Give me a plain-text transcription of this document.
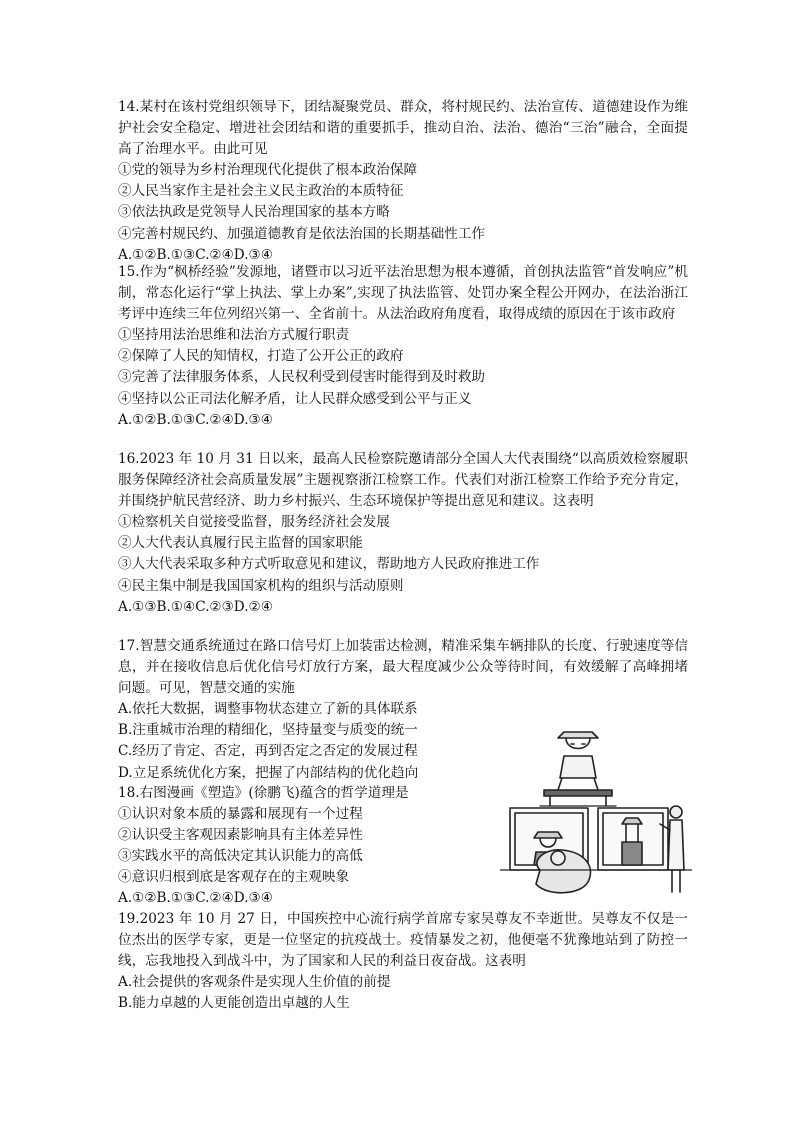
14.某村在该村党组织领导下，团结凝聚党员、群众，将村规民约、法治宣传、道德建设作为维护社会安全稳定、增进社会团结和谐的重要抓手，推动自治、法治、德治“三治”融合，全面提高了治理水平。由此可见
①党的领导为乡村治理现代化提供了根本政治保障
②人民当家作主是社会主义民主政治的本质特征
③依法执政是党领导人民治理国家的基本方略
④完善村规民约、加强道德教育是依法治国的长期基础性工作
A.①②B.①③C.②④D.③④
15.作为“枫桥经验”发源地，诸暨市以习近平法治思想为根本遵循，首创执法监管“首发响应”机制，常态化运行“掌上执法、掌上办案”,实现了执法监管、处罚办案全程公开网办，在法治浙江考评中连续三年位列绍兴第一、全省前十。从法治政府角度看，取得成绩的原因在于该市政府
①坚持用法治思维和法治方式履行职责
②保障了人民的知情权，打造了公开公正的政府
③完善了法律服务体系，人民权利受到侵害时能得到及时救助
④坚持以公正司法化解矛盾，让人民群众感受到公平与正义
A.①②B.①③C.②④D.③④
16.2023 年 10 月 31 日以来，最高人民检察院邀请部分全国人大代表围绕“以高质效检察履职服务保障经济社会高质量发展”主题视察浙江检察工作。代表们对浙江检察工作给予充分肯定，并围绕护航民营经济、助力乡村振兴、生态环境保护等提出意见和建议。这表明
①检察机关自觉接受监督，服务经济社会发展
②人大代表认真履行民主监督的国家职能
③人大代表采取多种方式听取意见和建议，帮助地方人民政府推进工作
④民主集中制是我国国家机构的组织与活动原则
A.①③B.①④C.②③D.②④
17.智慧交通系统通过在路口信号灯上加装雷达检测，精准采集车辆排队的长度、行驶速度等信息，并在接收信息后优化信号灯放行方案，最大程度减少公众等待时间，有效缓解了高峰拥堵问题。可见，智慧交通的实施
A.依托大数据，调整事物状态建立了新的具体联系
B.注重城市治理的精细化，坚持量变与质变的统一
C.经历了肯定、否定，再到否定之否定的发展过程
D.立足系统优化方案，把握了内部结构的优化趋向
18.右图漫画《塑造》(徐鹏飞)蕴含的哲学道理是
①认识对象本质的暴露和展现有一个过程
②认识受主客观因素影响具有主体差异性
③实践水平的高低决定其认识能力的高低
④意识归根到底是客观存在的主观映象
A.①②B.①③C.②④D.③④
19.2023 年 10 月 27 日，中国疾控中心流行病学首席专家吴尊友不幸逝世。吴尊友不仅是一位杰出的医学专家，更是一位坚定的抗疫战士。疫情暴发之初，他便毫不犹豫地站到了防控一线，忘我地投入到战斗中，为了国家和人民的利益日夜奋战。这表明
A.社会提供的客观条件是实现人生价值的前提
B.能力卓越的人更能创造出卓越的人生
